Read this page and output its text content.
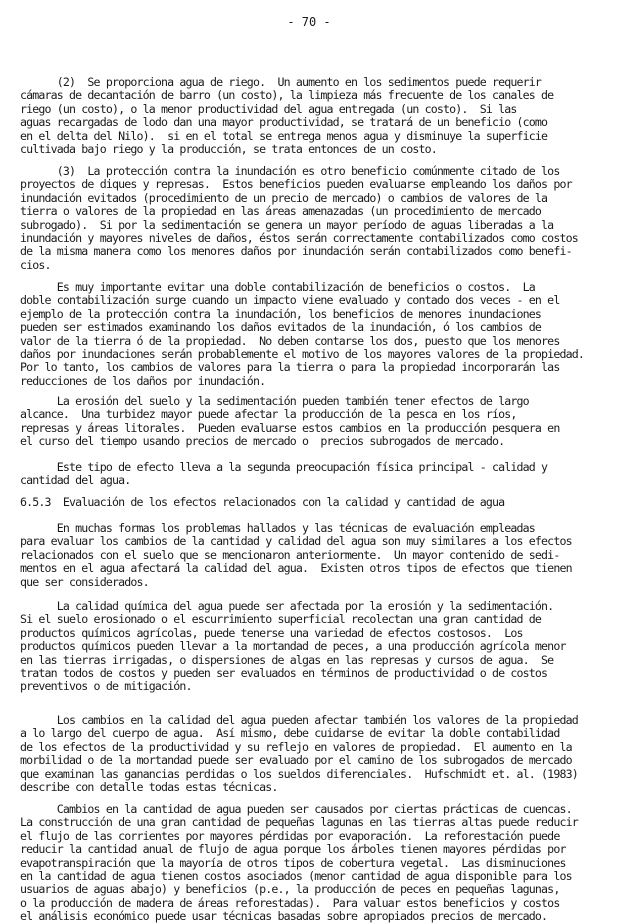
- 70 -
(2)  Se proporciona agua de riego.  Un aumento en los sedimentos puede requerir
cámaras de decantación de barro (un costo), la limpieza más frecuente de los canales de
riego (un costo), o la menor productividad del agua entregada (un costo).  Si las
aguas recargadas de lodo dan una mayor productividad, se tratará de un beneficio (como
en el delta del Nilo).  si en el total se entrega menos agua y disminuye la superficie
cultivada bajo riego y la producción, se trata entonces de un costo.
(3)  La protección contra la inundación es otro beneficio comúnmente citado de los
proyectos de diques y represas.  Estos beneficios pueden evaluarse empleando los daños por
inundación evitados (procedimiento de un precio de mercado) o cambios de valores de la
tierra o valores de la propiedad en las áreas amenazadas (un procedimiento de mercado
subrogado).  Si por la sedimentación se genera un mayor período de aguas liberadas a la
inundación y mayores niveles de daños, éstos serán correctamente contabilizados como costos
de la misma manera como los menores daños por inundación serán contabilizados como benefi-
cios.
Es muy importante evitar una doble contabilización de beneficios o costos.  La
doble contabilización surge cuando un impacto viene evaluado y contado dos veces - en el
ejemplo de la protección contra la inundación, los beneficios de menores inundaciones
pueden ser estimados examinando los daños evitados de la inundación, ó los cambios de
valor de la tierra ó de la propiedad.  No deben contarse los dos, puesto que los menores
daños por inundaciones serán probablemente el motivo de los mayores valores de la propiedad.
Por lo tanto, los cambios de valores para la tierra o para la propiedad incorporarán las
reducciones de los daños por inundación.
La erosión del suelo y la sedimentación pueden también tener efectos de largo
alcance.  Una turbidez mayor puede afectar la producción de la pesca en los ríos,
represas y áreas litorales.  Pueden evaluarse estos cambios en la producción pesquera en
el curso del tiempo usando precios de mercado o  precios subrogados de mercado.
Este tipo de efecto lleva a la segunda preocupación física principal - calidad y
cantidad del agua.
6.5.3  Evaluación de los efectos relacionados con la calidad y cantidad de agua
En muchas formas los problemas hallados y las técnicas de evaluación empleadas
para evaluar los cambios de la cantidad y calidad del agua son muy similares a los efectos
relacionados con el suelo que se mencionaron anteriormente.  Un mayor contenido de sedi-
mentos en el agua afectará la calidad del agua.  Existen otros tipos de efectos que tienen
que ser considerados.
La calidad química del agua puede ser afectada por la erosión y la sedimentación.
Si el suelo erosionado o el escurrimiento superficial recolectan una gran cantidad de
productos químicos agrícolas, puede tenerse una variedad de efectos costosos.  Los
productos químicos pueden llevar a la mortandad de peces, a una producción agrícola menor
en las tierras irrigadas, o dispersiones de algas en las represas y cursos de agua.  Se
tratan todos de costos y pueden ser evaluados en términos de productividad o de costos
preventivos o de mitigación.
Los cambios en la calidad del agua pueden afectar también los valores de la propiedad
a lo largo del cuerpo de agua.  Así mismo, debe cuidarse de evitar la doble contabilidad
de los efectos de la productividad y su reflejo en valores de propiedad.  El aumento en la
morbilidad o de la mortandad puede ser evaluado por el camino de los subrogados de mercado
que examinan las ganancias perdidas o los sueldos diferenciales.  Hufschmidt et. al. (1983)
describe con detalle todas estas técnicas.
Cambios en la cantidad de agua pueden ser causados por ciertas prácticas de cuencas.
La construcción de una gran cantidad de pequeñas lagunas en las tierras altas puede reducir
el flujo de las corrientes por mayores pérdidas por evaporación.  La reforestación puede
reducir la cantidad anual de flujo de agua porque los árboles tienen mayores pérdidas por
evapotranspiración que la mayoría de otros tipos de cobertura vegetal.  Las disminuciones
en la cantidad de agua tienen costos asociados (menor cantidad de agua disponible para los
usuarios de aguas abajo) y beneficios (p.e., la producción de peces en pequeñas lagunas,
o la producción de madera de áreas reforestadas).  Para valuar estos beneficios y costos
el análisis económico puede usar técnicas basadas sobre apropiados precios de mercado.
